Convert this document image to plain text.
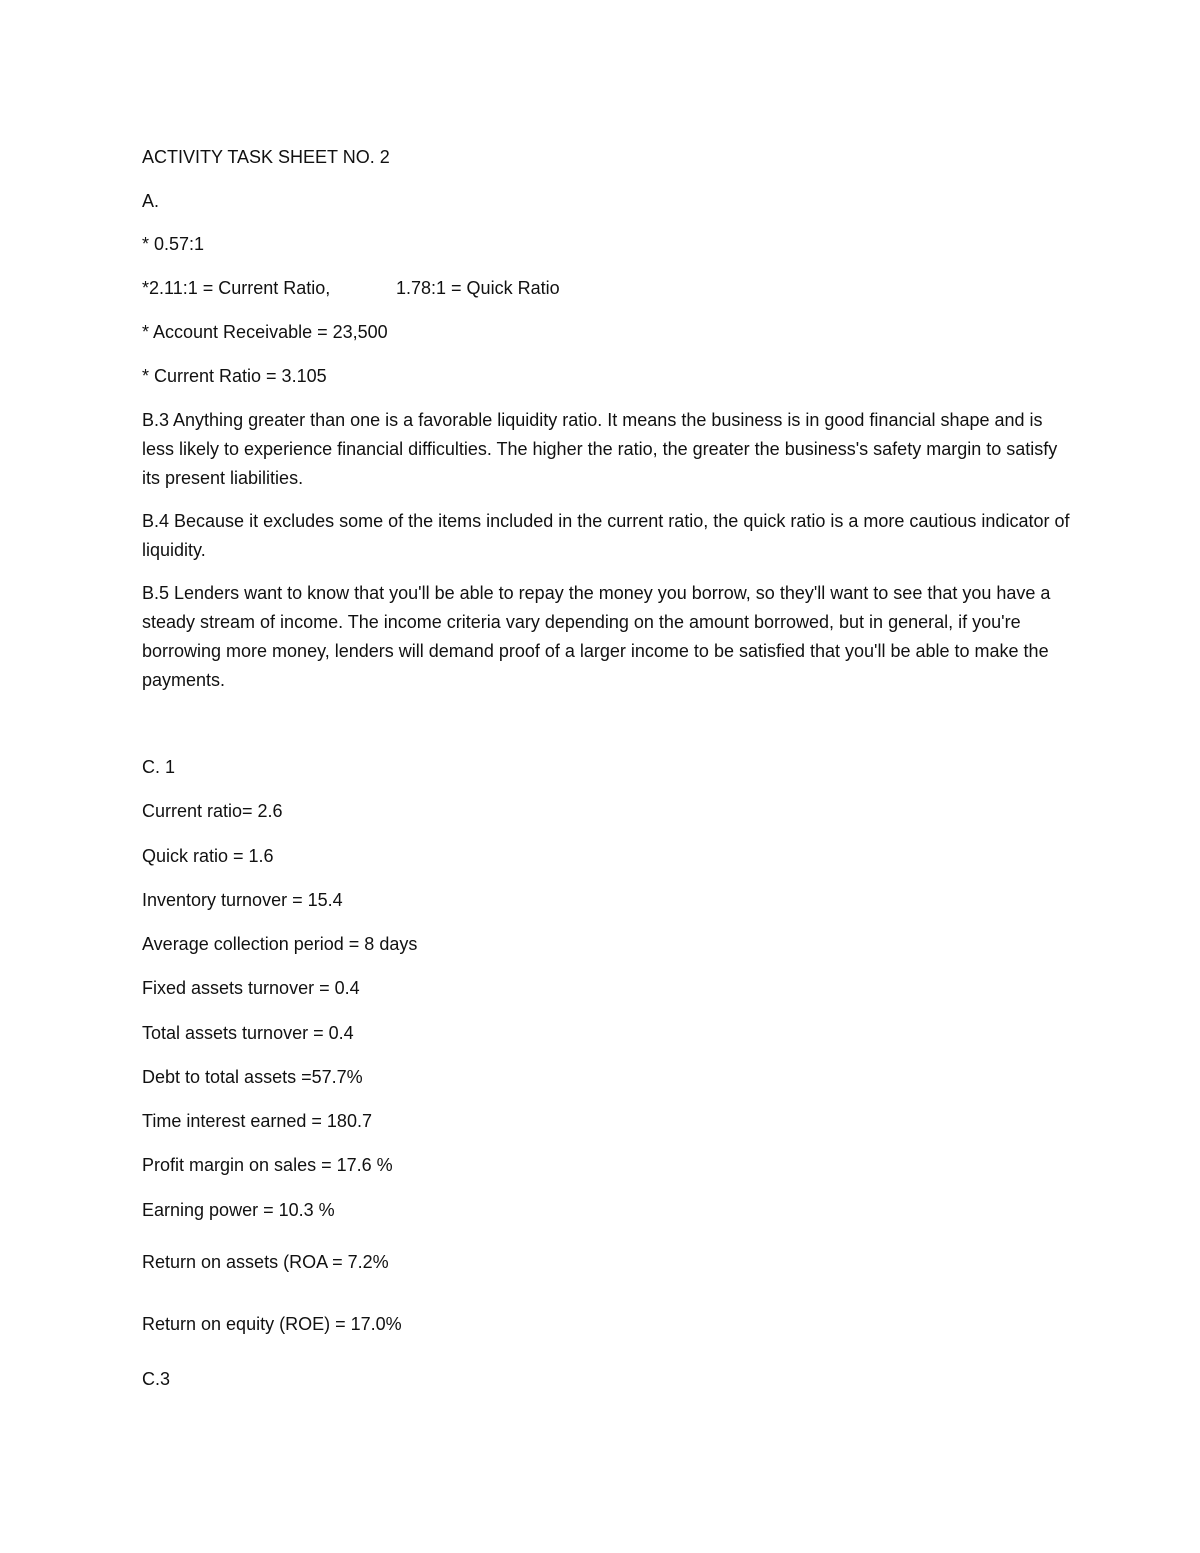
ACTIVITY TASK SHEET NO. 2
A.
* 0.57:1
*2.11:1 = Current Ratio,	1.78:1 = Quick Ratio
* Account Receivable = 23,500
* Current Ratio = 3.105

B.3 Anything greater than one is a favorable liquidity ratio. It means the business is in good financial shape and is less likely to experience financial difficulties. The higher the ratio, the greater the business's safety margin to satisfy its present liabilities.

B.4 Because it excludes some of the items included in the current ratio, the quick ratio is a more cautious indicator of liquidity.

B.5 Lenders want to know that you'll be able to repay the money you borrow, so they'll want to see that you have a steady stream of income. The income criteria vary depending on the amount borrowed, but in general, if you're borrowing more money, lenders will demand proof of a larger income to be satisfied that you'll be able to make the payments.

C. 1
Current ratio= 2.6
Quick ratio = 1.6
Inventory turnover = 15.4
Average collection period = 8 days
Fixed assets turnover = 0.4
Total assets turnover = 0.4
Debt to total assets =57.7%
Time interest earned = 180.7
Profit margin on sales = 17.6 %
Earning power = 10.3 %
Return on assets (ROA = 7.2%
Return on equity (ROE) = 17.0%
C.3
